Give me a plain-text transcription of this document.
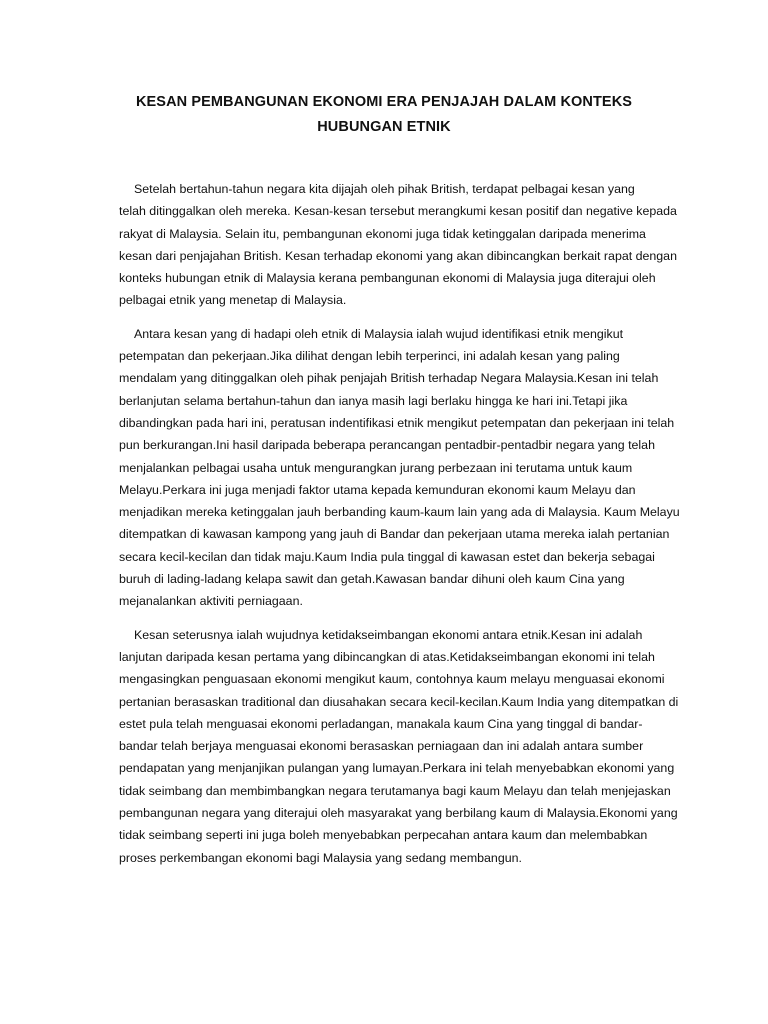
KESAN PEMBANGUNAN EKONOMI ERA PENJAJAH DALAM KONTEKS
HUBUNGAN ETNIK
Setelah bertahun-tahun negara kita dijajah oleh pihak British, terdapat pelbagai kesan yang
telah ditinggalkan oleh mereka. Kesan-kesan tersebut merangkumi kesan positif dan negative kepada
rakyat di Malaysia. Selain itu, pembangunan ekonomi juga tidak ketinggalan daripada menerima
kesan dari penjajahan British. Kesan terhadap ekonomi yang akan dibincangkan berkait rapat dengan
konteks hubungan etnik di Malaysia kerana pembangunan ekonomi di Malaysia juga diterajui oleh
pelbagai etnik yang menetap di Malaysia.
Antara kesan yang di hadapi oleh etnik di Malaysia ialah wujud identifikasi etnik mengikut
petempatan dan pekerjaan.Jika dilihat dengan lebih terperinci, ini adalah kesan yang paling
mendalam yang ditinggalkan oleh pihak penjajah British terhadap Negara Malaysia.Kesan ini telah
berlanjutan selama bertahun-tahun dan ianya masih lagi berlaku hingga ke hari ini.Tetapi jika
dibandingkan pada hari ini, peratusan indentifikasi etnik mengikut petempatan dan pekerjaan ini telah
pun berkurangan.Ini hasil daripada beberapa perancangan pentadbir-pentadbir negara yang telah
menjalankan pelbagai usaha untuk mengurangkan jurang perbezaan ini terutama untuk kaum
Melayu.Perkara ini juga menjadi faktor utama kepada kemunduran ekonomi kaum Melayu dan
menjadikan mereka ketinggalan jauh berbanding kaum-kaum lain yang ada di Malaysia. Kaum Melayu
ditempatkan di kawasan kampong yang jauh di Bandar dan pekerjaan utama mereka ialah pertanian
secara kecil-kecilan dan tidak maju.Kaum India pula tinggal di kawasan estet dan bekerja sebagai
buruh di lading-ladang kelapa sawit dan getah.Kawasan bandar dihuni oleh kaum Cina yang
mejanalankan aktiviti perniagaan.
Kesan seterusnya ialah wujudnya ketidakseimbangan ekonomi antara etnik.Kesan ini adalah
lanjutan daripada kesan pertama yang dibincangkan di atas.Ketidakseimbangan ekonomi ini telah
mengasingkan penguasaan ekonomi mengikut kaum, contohnya kaum melayu menguasai ekonomi
pertanian berasaskan traditional dan diusahakan secara kecil-kecilan.Kaum India yang ditempatkan di
estet pula telah menguasai ekonomi perladangan, manakala kaum Cina yang tinggal di bandar-
bandar telah berjaya menguasai ekonomi berasaskan perniagaan dan ini adalah antara sumber
pendapatan yang menjanjikan pulangan yang lumayan.Perkara ini telah menyebabkan ekonomi yang
tidak seimbang dan membimbangkan negara terutamanya bagi kaum Melayu dan telah menjejaskan
pembangunan negara yang diterajui oleh masyarakat yang berbilang kaum di Malaysia.Ekonomi yang
tidak seimbang seperti ini juga boleh menyebabkan perpecahan antara kaum dan melembabkan
proses perkembangan ekonomi bagi Malaysia yang sedang membangun.
